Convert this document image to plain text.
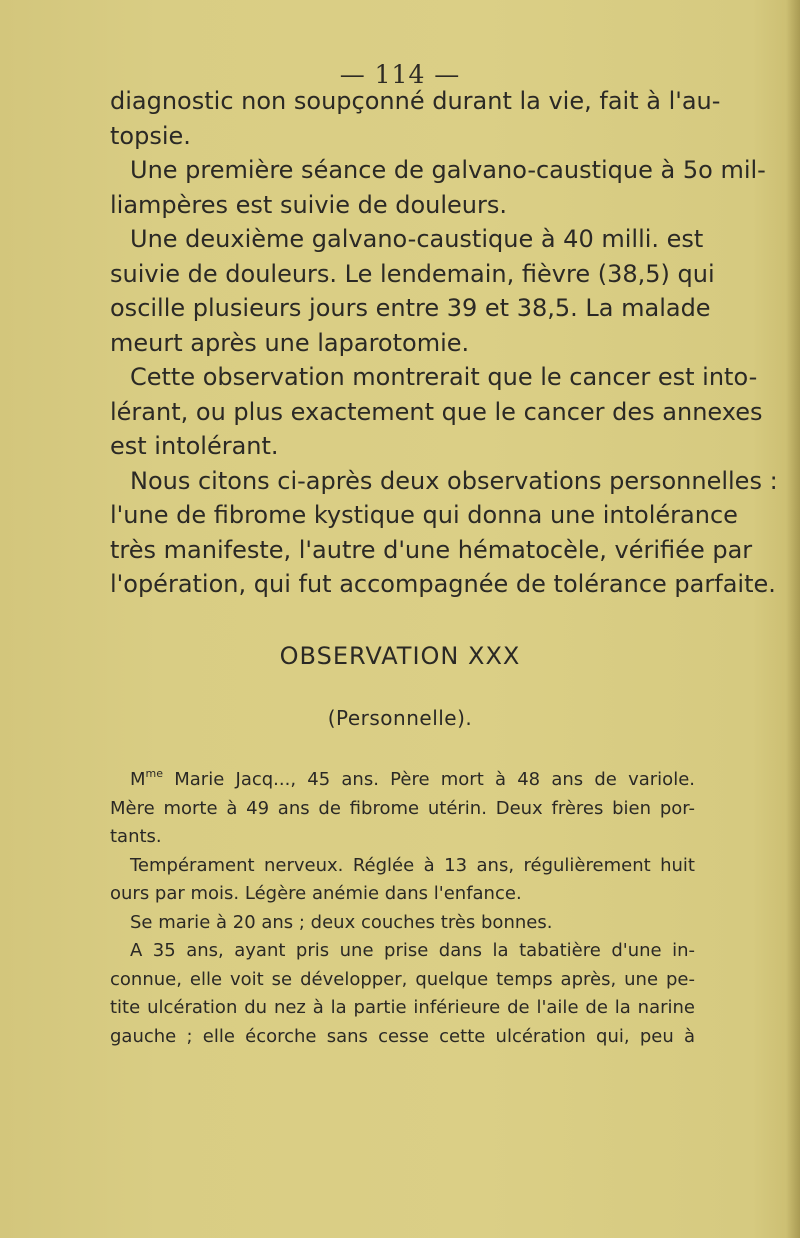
— 114 —
diagnostic non soupçonné durant la vie, fait à l'au-
topsie.
Une première séance de galvano-caustique à 5o mil-
liampères est suivie de douleurs.
Une deuxième galvano-caustique à 40 milli. est
suivie de douleurs. Le lendemain, fièvre (38,5) qui
oscille plusieurs jours entre 39 et 38,5. La malade
meurt après une laparotomie.
Cette observation montrerait que le cancer est into-
lérant, ou plus exactement que le cancer des annexes
est intolérant.
Nous citons ci-après deux observations personnelles :
l'une de fibrome kystique qui donna une intolérance
très manifeste, l'autre d'une hématocèle, vérifiée par
l'opération, qui fut accompagnée de tolérance parfaite.
OBSERVATION XXX
(Personnelle).
$M^{me}$ Marie Jacq..., 45 ans. Père mort à 48 ans de variole.
Mère morte à 49 ans de fibrome utérin. Deux frères bien por-
tants.
Tempérament nerveux. Réglée à 13 ans, régulièrement huit
ours par mois. Légère anémie dans l'enfance.
Se marie à 20 ans ; deux couches très bonnes.
A 35 ans, ayant pris une prise dans la tabatière d'une in-
connue, elle voit se développer, quelque temps après, une pe-
tite ulcération du nez à la partie inférieure de l'aile de la narine
gauche ; elle écorche sans cesse cette ulcération qui, peu à
